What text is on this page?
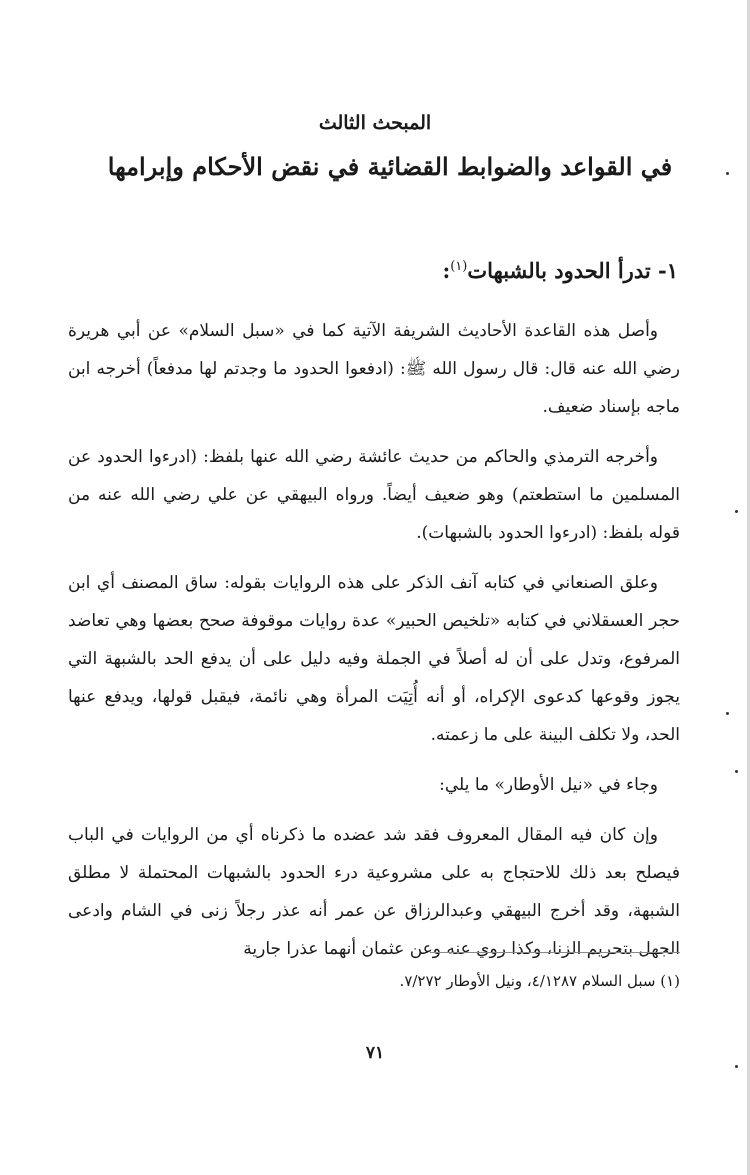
المبحث الثالث
في القواعد والضوابط القضائية في نقض الأحكام وإبرامها
١- تدرأ الحدود بالشبهات$^{(١)}$:

وأصل هذه القاعدة الأحاديث الشريفة الآتية كما في «سبل السلام» عن أبي هريرة رضي الله عنه قال: قال رسول الله ﷺ: (ادفعوا الحدود ما وجدتم لها مدفعاً) أخرجه ابن ماجه بإسناد ضعيف.

وأخرجه الترمذي والحاكم من حديث عائشة رضي الله عنها بلفظ: (ادرءوا الحدود عن المسلمين ما استطعتم) وهو ضعيف أيضاً. ورواه البيهقي عن علي رضي الله عنه من قوله بلفظ: (ادرءوا الحدود بالشبهات).

وعلق الصنعاني في كتابه آنف الذكر على هذه الروايات بقوله: ساق المصنف أي ابن حجر العسقلاني في كتابه «تلخيص الحبير» عدة روايات موقوفة صحح بعضها وهي تعاضد المرفوع، وتدل على أن له أصلاً في الجملة وفيه دليل على أن يدفع الحد بالشبهة التي يجوز وقوعها كدعوى الإكراه، أو أنه أُتِيَت المرأة وهي نائمة، فيقبل قولها، ويدفع عنها الحد، ولا تكلف البينة على ما زعمته.

وجاء في «نيل الأوطار» ما يلي:

وإن كان فيه المقال المعروف فقد شد عضده ما ذكرناه أي من الروايات في الباب فيصلح بعد ذلك للاحتجاج به على مشروعية درء الحدود بالشبهات المحتملة لا مطلق الشبهة، وقد أخرج البيهقي وعبدالرزاق عن عمر أنه عذر رجلاً زنى في الشام وادعى الجهل بتحريم الزنا، وكذا روي عنه وعن عثمان أنهما عذرا جارية

(١) سبل السلام ٤/١٢٨٧، ونيل الأوطار ٧/٢٧٢.
٧١
